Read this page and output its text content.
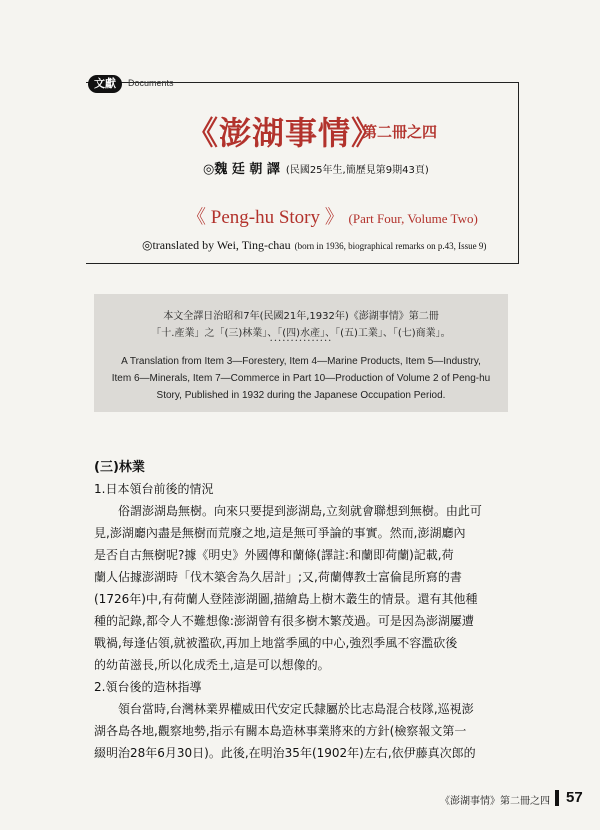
文獻	Documents
《澎湖事情》
第二冊之四
◎魏 廷 朝 譯 (民國25年生,簡歷見第9期43頁)
《 Peng-hu Story 》 (Part Four, Volume Two)
◎translated by Wei, Ting-chau (born in 1936, biographical remarks on p.43, Issue 9)
本文全譯日治昭和7年(民國21年,1932年)《澎湖事情》第二冊
「十.產業」之「(三)林業」、「(四)水產」、「(五)工業」、「(七)商業」。
···············
A Translation from Item 3—Forestery, Item 4—Marine Products, Item 5—Industry,
Item 6—Minerals, Item 7—Commerce in Part 10—Production of Volume 2 of Peng-hu
Story, Published in 1932 during the Japanese Occupation Period.
(三)林業
1.日本領台前後的情況
俗謂澎湖島無樹。向來只要提到澎湖島,立刻就會聯想到無樹。由此可
見,澎湖廳內盡是無樹而荒廢之地,這是無可爭論的事實。然而,澎湖廳內
是否自古無樹呢?據《明史》外國傳和蘭條(譯註:和蘭即荷蘭)記載,荷
蘭人佔據澎湖時「伐木築舍為久居計」;又,荷蘭傳教士富倫昆所寫的書
(1726年)中,有荷蘭人登陸澎湖圖,描繪島上樹木叢生的情景。還有其他種
種的記錄,都令人不難想像:澎湖曾有很多樹木繁茂過。可是因為澎湖屢遭
戰禍,每逢佔領,就被濫砍,再加上地當季風的中心,強烈季風不容濫砍後
的幼苗滋長,所以化成禿土,這是可以想像的。
2.領台後的造林指導
領台當時,台灣林業界權威田代安定氏隸屬於比志島混合枝隊,巡視澎
湖各島各地,觀察地勢,指示有關本島造林事業將來的方針(檢察報文第一
綴明治28年6月30日)。此後,在明治35年(1902年)左右,依伊藤真次郎的
《澎湖事情》第二冊之四 57
